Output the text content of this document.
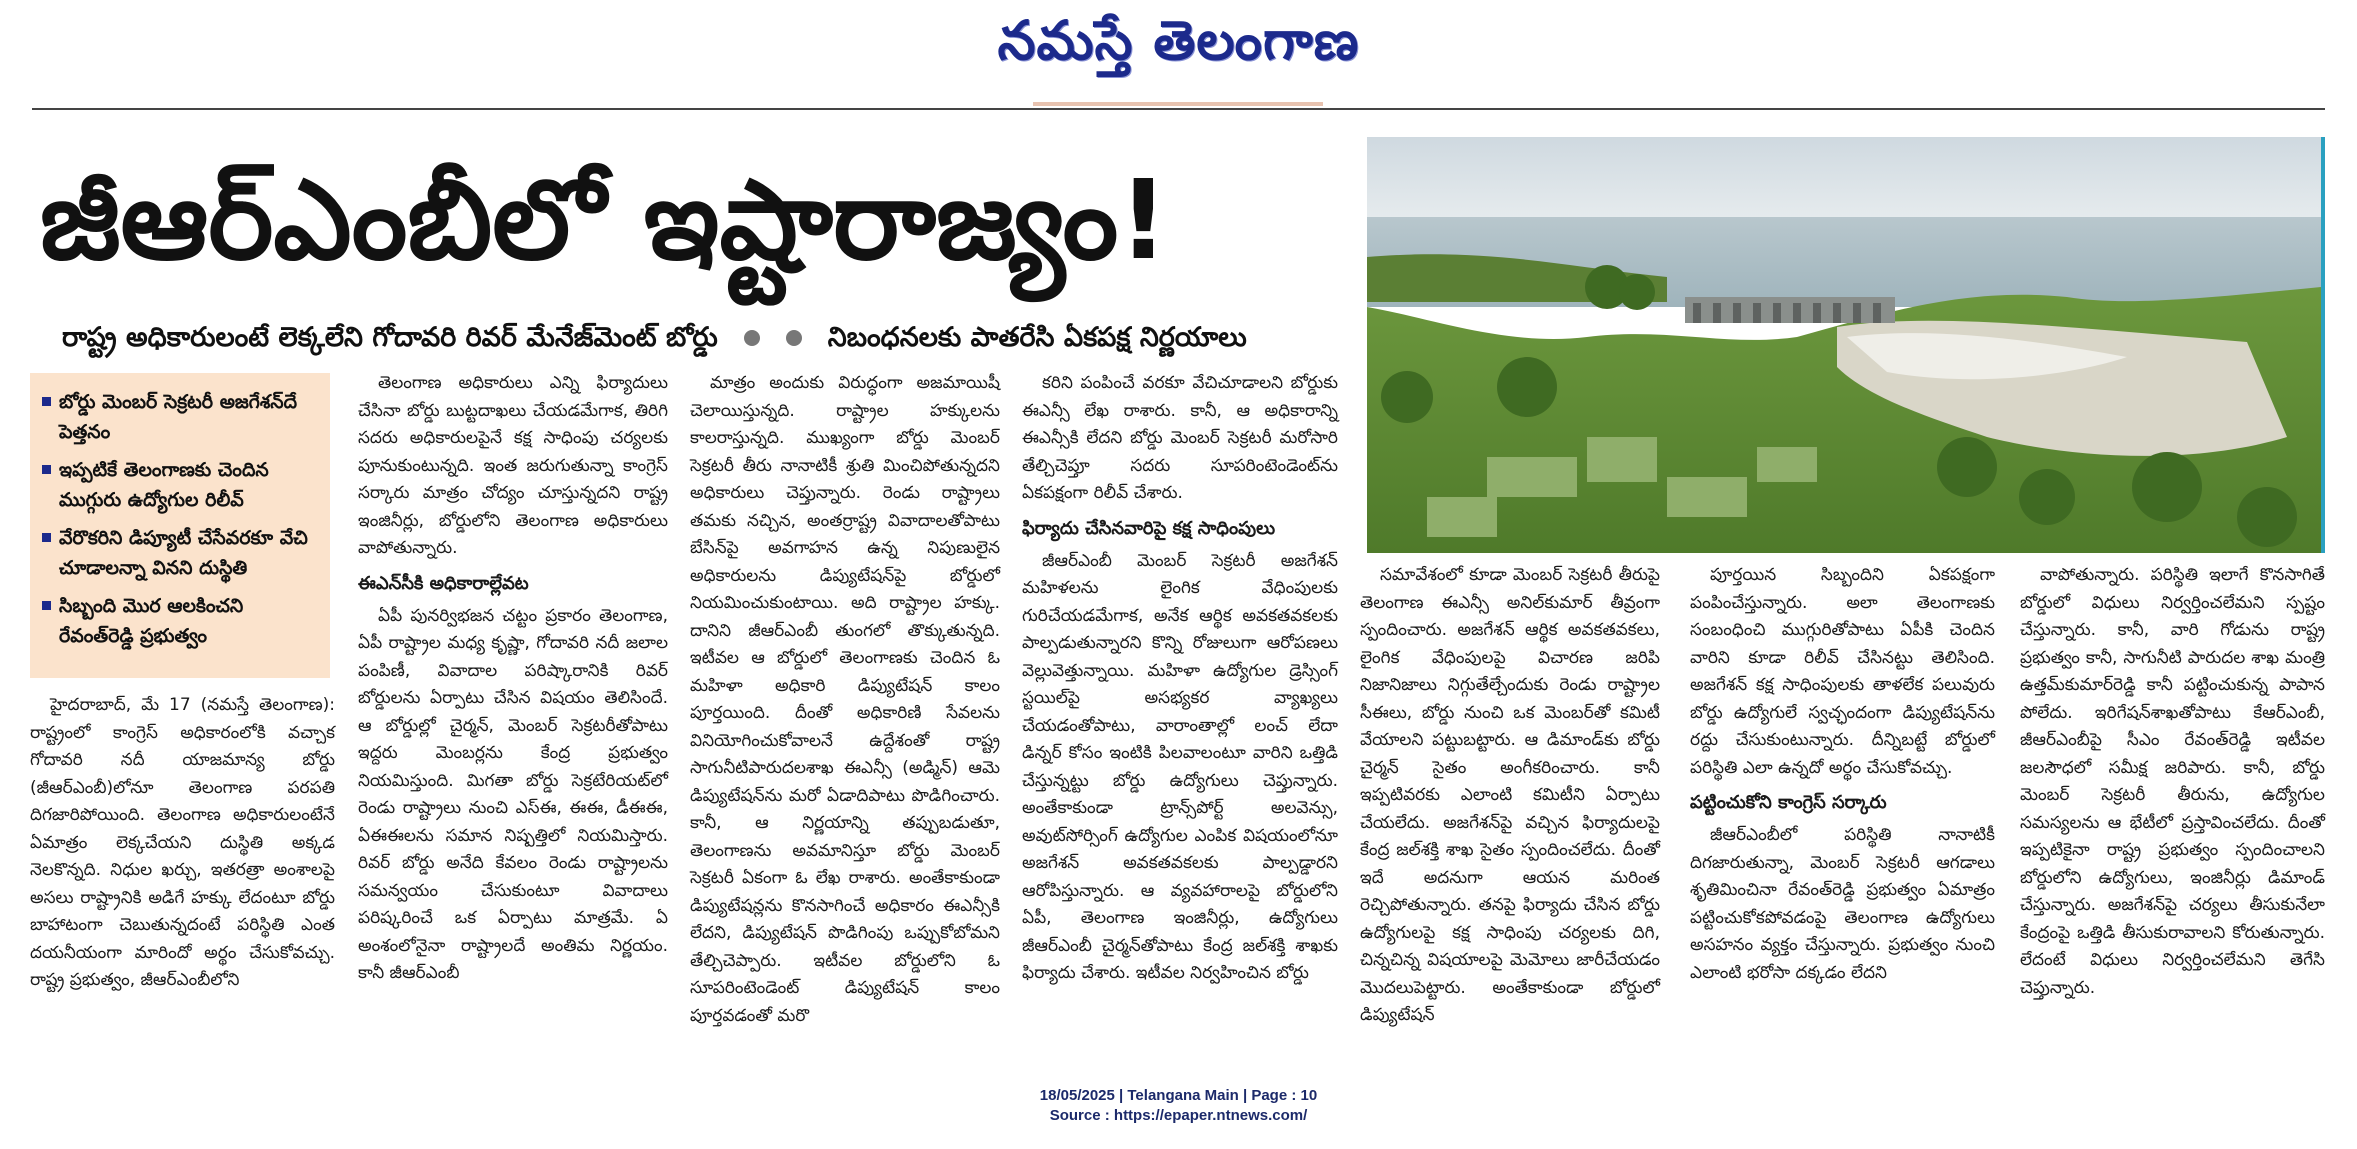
నమస్తే తెలంగాణ
జీఆర్‌ఎంబీలో ఇష్టారాజ్యం!
రాష్ట్ర అధికారులంటే లెక్కలేని గోదావరి రివర్‌ మేనేజ్‌మెంట్‌ బోర్డు	నిబంధనలకు పాతరేసి ఏకపక్ష నిర్ణయాలు
బోర్డు మెంబర్‌ సెక్రటరీ అజగేశన్‌దే పెత్తనం
ఇప్పటికే తెలంగాణకు చెందిన ముగ్గురు ఉద్యోగుల రిలీవ్‌
వేరొకరిని డిప్యూటీ చేసేవరకూ వేచి చూడాలన్నా వినని దుస్థితి
సిబ్బంది మొర ఆలకించని రేవంత్‌రెడ్డి ప్రభుత్వం

హైదరాబాద్‌, మే 17 (నమస్తే తెలంగాణ): రాష్ట్రంలో కాంగ్రెస్‌ అధికారంలోకి వచ్చాక గోదావరి నదీ యాజమాన్య బోర్డు (జీఆర్‌ఎంబీ)లోనూ తెలంగాణ పరపతి దిగజారిపోయింది. తెలంగాణ అధికారులంటేనే ఏమాత్రం లెక్కచేయని దుస్థితి అక్కడ నెలకొన్నది. నిధుల ఖర్చు, ఇతరత్రా అంశాలపై అసలు రాష్ట్రానికి అడిగే హక్కు లేదంటూ బోర్డు బాహాటంగా చెబుతున్నదంటే పరిస్థితి ఎంత దయనీయంగా మారిందో అర్థం చేసుకోవచ్చు. రాష్ట్ర ప్రభుత్వం, జీఆర్‌ఎంబీలోని

తెలంగాణ అధికారులు ఎన్ని ఫిర్యాదులు చేసినా బోర్డు బుట్టదాఖలు చేయడమేగాక, తిరిగి సదరు అధికారులపైనే కక్ష సాధింపు చర్యలకు పూనుకుంటున్నది. ఇంత జరుగుతున్నా కాంగ్రెస్‌ సర్కారు మాత్రం చోద్యం చూస్తున్నదని రాష్ట్ర ఇంజినీర్లు, బోర్డులోని తెలంగాణ అధికారులు వాపోతున్నారు.

ఈఎన్‌సీకి అధికారాల్లేవట

ఏపీ పునర్విభజన చట్టం ప్రకారం తెలంగాణ, ఏపీ రాష్ట్రాల మధ్య కృష్ణా, గోదావరి నదీ జలాల పంపిణీ, వివాదాల పరిష్కారానికి రివర్‌ బోర్డులను ఏర్పాటు చేసిన విషయం తెలిసిందే. ఆ బోర్డుల్లో చైర్మన్‌, మెంబర్‌ సెక్రటరీతోపాటు ఇద్దరు మెంబర్లను కేంద్ర ప్రభుత్వం నియమిస్తుంది. మిగతా బోర్డు సెక్రటేరియట్‌లో రెండు రాష్ట్రాలు నుంచి ఎస్‌ఈ, ఈఈ, డీఈఈ, ఏఈఈలను సమాన నిష్పత్తిలో నియమిస్తారు. రివర్‌ బోర్డు అనేది కేవలం రెండు రాష్ట్రాలను సమన్వయం చేసుకుంటూ వివాదాలు పరిష్కరించే ఒక ఏర్పాటు మాత్రమే. ఏ అంశంలోనైనా రాష్ట్రాలదే అంతిమ నిర్ణయం. కానీ జీఆర్‌ఎంబీ

మాత్రం అందుకు విరుద్ధంగా అజమాయిషీ చెలాయిస్తున్నది. రాష్ట్రాల హక్కులను కాలరాస్తున్నది. ముఖ్యంగా బోర్డు మెంబర్‌ సెక్రటరీ తీరు నానాటికీ శ్రుతి మించిపోతున్నదని అధికారులు చెప్తున్నారు. రెండు రాష్ట్రాలు తమకు నచ్చిన, అంతర్రాష్ట్ర వివాదాలతోపాటు బేసిన్‌పై అవగాహన ఉన్న నిపుణులైన అధికారులను డిప్యుటేషన్‌పై బోర్డులో నియమించుకుంటాయి. అది రాష్ట్రాల హక్కు. దానిని జీఆర్‌ఎంబీ తుంగలో తొక్కుతున్నది. ఇటీవల ఆ బోర్డులో తెలంగాణకు చెందిన ఓ మహిళా అధికారి డిప్యుటేషన్‌ కాలం పూర్తయింది. దీంతో అధికారిణి సేవలను వినియోగించుకోవాలనే ఉద్దేశంతో రాష్ట్ర సాగునీటిపారుదలశాఖ ఈఎన్సీ (అడ్మిన్‌) ఆమె డిప్యుటేషన్‌ను మరో ఏడాదిపాటు పొడిగించారు. కానీ, ఆ నిర్ణయాన్ని తప్పుబడుతూ, తెలంగాణను అవమానిస్తూ బోర్డు మెంబర్‌ సెక్రటరీ ఏకంగా ఓ లేఖ రాశారు. అంతేకాకుండా డిప్యుటేషన్లను కొనసాగించే అధికారం ఈఎన్సీకి లేదని, డిప్యుటేషన్‌ పొడిగింపు ఒప్పుకోబోమని తేల్చిచెప్పారు. ఇటీవల బోర్డులోని ఓ సూపరింటెండెంట్‌ డిప్యుటేషన్‌ కాలం పూర్తవడంతో మరొ

కరిని పంపించే వరకూ వేచిచూడాలని బోర్డుకు ఈఎన్సీ లేఖ రాశారు. కానీ, ఆ అధికారాన్ని ఈఎన్సీకి లేదని బోర్డు మెంబర్‌ సెక్రటరీ మరోసారి తేల్చిచెప్తూ సదరు సూపరింటెండెంట్‌ను ఏకపక్షంగా రిలీవ్‌ చేశారు.

ఫిర్యాదు చేసినవారిపై కక్ష సాధింపులు

జీఆర్‌ఎంబీ మెంబర్‌ సెక్రటరీ అజగేశన్‌ మహిళలను లైంగిక వేధింపులకు గురిచేయడమేగాక, అనేక ఆర్థిక అవకతవకలకు పాల్పడుతున్నారని కొన్ని రోజులుగా ఆరోపణలు వెల్లువెత్తున్నాయి. మహిళా ఉద్యోగుల డ్రెస్సింగ్‌ స్టయిల్‌పై అసభ్యకర వ్యాఖ్యలు చేయడంతోపాటు, వారాంతాల్లో లంచ్‌ లేదా డిన్నర్‌ కోసం ఇంటికి పిలవాలంటూ వారిని ఒత్తిడి చేస్తున్నట్టు బోర్డు ఉద్యోగులు చెప్తున్నారు. అంతేకాకుండా ట్రాన్స్‌పోర్ట్‌ అలవెన్సు, అవుట్‌సోర్సింగ్‌ ఉద్యోగుల ఎంపిక విషయంలోనూ అజగేశన్‌ అవకతవకలకు పాల్పడ్డారని ఆరోపిస్తున్నారు. ఆ వ్యవహారాలపై బోర్డులోని ఏపీ, తెలంగాణ ఇంజినీర్లు, ఉద్యోగులు జీఆర్‌ఎంబీ చైర్మన్‌తోపాటు కేంద్ర జల్‌శక్తి శాఖకు ఫిర్యాదు చేశారు. ఇటీవల నిర్వహించిన బోర్డు

సమావేశంలో కూడా మెంబర్‌ సెక్రటరీ తీరుపై తెలంగాణ ఈఎన్సీ అనిల్‌కుమార్‌ తీవ్రంగా స్పందించారు. అజగేశన్‌ ఆర్థిక అవకతవకలు, లైంగిక వేధింపులపై విచారణ జరిపి నిజానిజాలు నిగ్గుతేల్చేందుకు రెండు రాష్ట్రాల సీఈలు, బోర్డు నుంచి ఒక మెంబర్‌తో కమిటీ వేయాలని పట్టుబట్టారు. ఆ డిమాండ్‌కు బోర్డు చైర్మన్‌ సైతం అంగీకరించారు. కానీ ఇప్పటివరకు ఎలాంటి కమిటీని ఏర్పాటు చేయలేదు. అజగేశన్‌పై వచ్చిన ఫిర్యాదులపై కేంద్ర జల్‌శక్తి శాఖ సైతం స్పందించలేదు. దీంతో ఇదే అదనుగా ఆయన మరింత రెచ్చిపోతున్నారు. తనపై ఫిర్యాదు చేసిన బోర్డు ఉద్యోగులపై కక్ష సాధింపు చర్యలకు దిగి, చిన్నచిన్న విషయాలపై మెమోలు జారీచేయడం మొదలుపెట్టారు. అంతేకాకుండా బోర్డులో డిప్యుటేషన్‌

పూర్తయిన సిబ్బందిని ఏకపక్షంగా పంపించేస్తున్నారు. అలా తెలంగాణకు సంబంధించి ముగ్గురితోపాటు ఏపీకి చెందిన వారిని కూడా రిలీవ్‌ చేసినట్టు తెలిసింది. అజగేశన్‌ కక్ష సాధింపులకు తాళలేక పలువురు బోర్డు ఉద్యోగులే స్వచ్ఛందంగా డిప్యుటేషన్‌ను రద్దు చేసుకుంటున్నారు. దీన్నిబట్టే బోర్డులో పరిస్థితి ఎలా ఉన్నదో అర్థం చేసుకోవచ్చు.

పట్టించుకోని కాంగ్రెస్‌ సర్కారు

జీఆర్‌ఎంబీలో పరిస్థితి నానాటికీ దిగజారుతున్నా, మెంబర్‌ సెక్రటరీ ఆగడాలు శృతిమించినా రేవంత్‌రెడ్డి ప్రభుత్వం ఏమాత్రం పట్టించుకోకపోవడంపై తెలంగాణ ఉద్యోగులు అసహనం వ్యక్తం చేస్తున్నారు. ప్రభుత్వం నుంచి ఎలాంటి భరోసా దక్కడం లేదని

వాపోతున్నారు. పరిస్థితి ఇలాగే కొనసాగితే బోర్డులో విధులు నిర్వర్తించలేమని స్పష్టం చేస్తున్నారు. కానీ, వారి గోడును రాష్ట్ర ప్రభుత్వం కానీ, సాగునీటి పారుదల శాఖ మంత్రి ఉత్తమ్‌కుమార్‌రెడ్డి కానీ పట్టించుకున్న పాపాన పోలేదు. ఇరిగేషన్‌శాఖతోపాటు కేఆర్‌ఎంబీ, జీఆర్‌ఎంబీపై సీఎం రేవంత్‌రెడ్డి ఇటీవల జలసౌధలో సమీక్ష జరిపారు. కానీ, బోర్డు మెంబర్‌ సెక్రటరీ తీరును, ఉద్యోగుల సమస్యలను ఆ భేటీలో ప్రస్తావించలేదు. దీంతో ఇప్పటికైనా రాష్ట్ర ప్రభుత్వం స్పందించాలని బోర్డులోని ఉద్యోగులు, ఇంజినీర్లు డిమాండ్‌ చేస్తున్నారు. అజగేశన్‌పై చర్యలు తీసుకునేలా కేంద్రంపై ఒత్తిడి తీసుకురావాలని కోరుతున్నారు. లేదంటే విధులు నిర్వర్తించలేమని తెగేసి చెప్తున్నారు.

18/05/2025 | Telangana Main | Page : 10
Source : https://epaper.ntnews.com/
